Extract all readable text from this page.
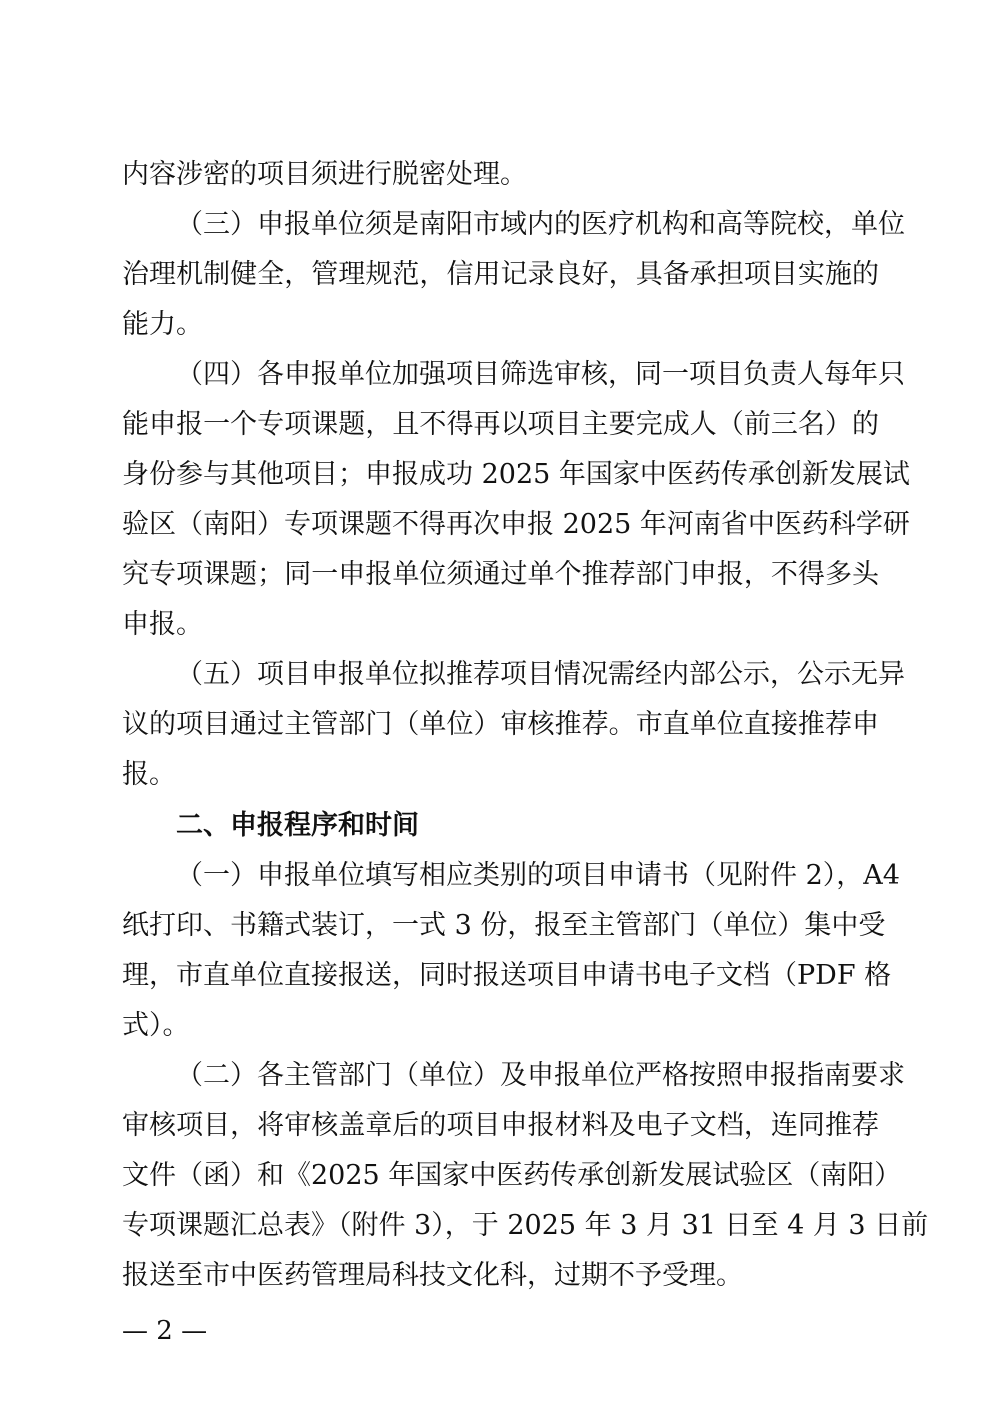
内容涉密的项目须进行脱密处理。
（三）申报单位须是南阳市域内的医疗机构和高等院校，单位
治理机制健全，管理规范，信用记录良好，具备承担项目实施的
能力。
（四）各申报单位加强项目筛选审核，同一项目负责人每年只
能申报一个专项课题，且不得再以项目主要完成人（前三名）的
身份参与其他项目；申报成功 2025 年国家中医药传承创新发展试
验区（南阳）专项课题不得再次申报 2025 年河南省中医药科学研
究专项课题；同一申报单位须通过单个推荐部门申报，不得多头
申报。
（五）项目申报单位拟推荐项目情况需经内部公示，公示无异
议的项目通过主管部门（单位）审核推荐。市直单位直接推荐申
报。
二、申报程序和时间
（一）申报单位填写相应类别的项目申请书（见附件 2），A4
纸打印、书籍式装订，一式 3 份，报至主管部门（单位）集中受
理，市直单位直接报送，同时报送项目申请书电子文档（PDF 格
式）。
（二）各主管部门（单位）及申报单位严格按照申报指南要求
审核项目，将审核盖章后的项目申报材料及电子文档，连同推荐
文件（函）和《2025 年国家中医药传承创新发展试验区（南阳）
专项课题汇总表》（附件 3），于 2025 年 3 月 31 日至 4 月 3 日前
报送至市中医药管理局科技文化科，过期不予受理。
— 2 —
